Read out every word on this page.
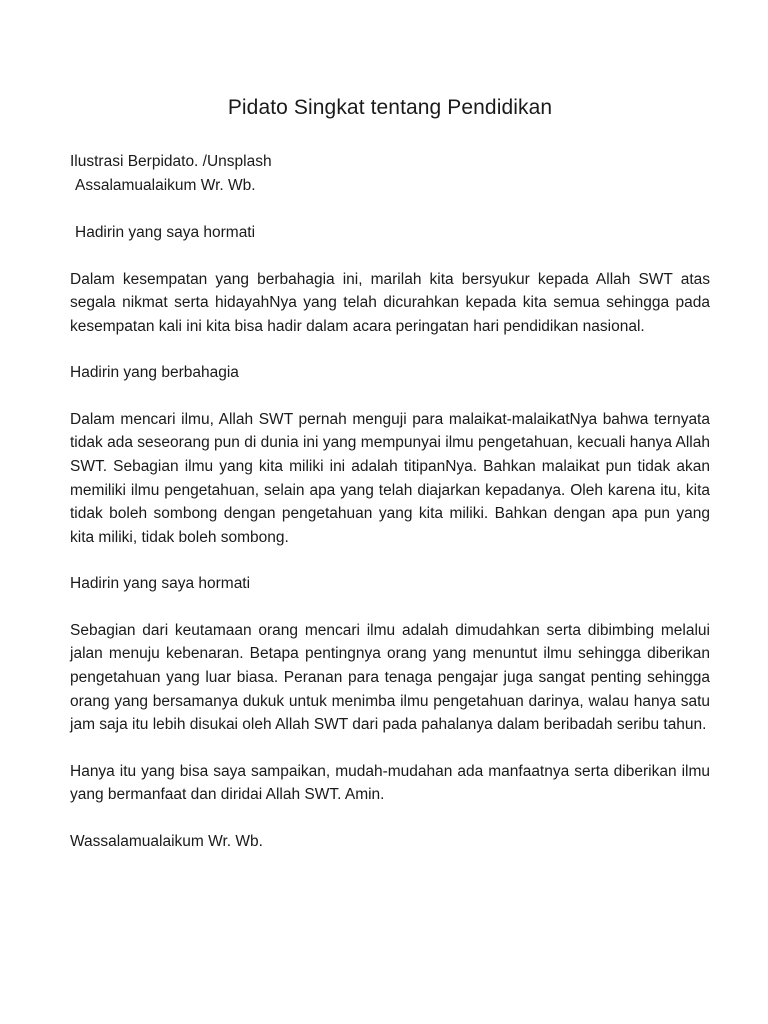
Pidato Singkat tentang Pendidikan

Ilustrasi Berpidato. /Unsplash

Assalamualaikum Wr. Wb.

Hadirin yang saya hormati

Dalam kesempatan yang berbahagia ini, marilah kita bersyukur kepada Allah SWT atas segala nikmat serta hidayahNya yang telah dicurahkan kepada kita semua sehingga pada kesempatan kali ini kita bisa hadir dalam acara peringatan hari pendidikan nasional.

Hadirin yang berbahagia

Dalam mencari ilmu, Allah SWT pernah menguji para malaikat-malaikatNya bahwa ternyata tidak ada seseorang pun di dunia ini yang mempunyai ilmu pengetahuan, kecuali hanya Allah SWT. Sebagian ilmu yang kita miliki ini adalah titipanNya. Bahkan malaikat pun tidak akan memiliki ilmu pengetahuan, selain apa yang telah diajarkan kepadanya. Oleh karena itu, kita tidak boleh sombong dengan pengetahuan yang kita miliki. Bahkan dengan apa pun yang kita miliki, tidak boleh sombong.

Hadirin yang saya hormati

Sebagian dari keutamaan orang mencari ilmu adalah dimudahkan serta dibimbing melalui jalan menuju kebenaran. Betapa pentingnya orang yang menuntut ilmu sehingga diberikan pengetahuan yang luar biasa. Peranan para tenaga pengajar juga sangat penting sehingga orang yang bersamanya dukuk untuk menimba ilmu pengetahuan darinya, walau hanya satu jam saja itu lebih disukai oleh Allah SWT dari pada pahalanya dalam beribadah seribu tahun.

Hanya itu yang bisa saya sampaikan, mudah-mudahan ada manfaatnya serta diberikan ilmu yang bermanfaat dan diridai Allah SWT. Amin.

Wassalamualaikum Wr. Wb.
